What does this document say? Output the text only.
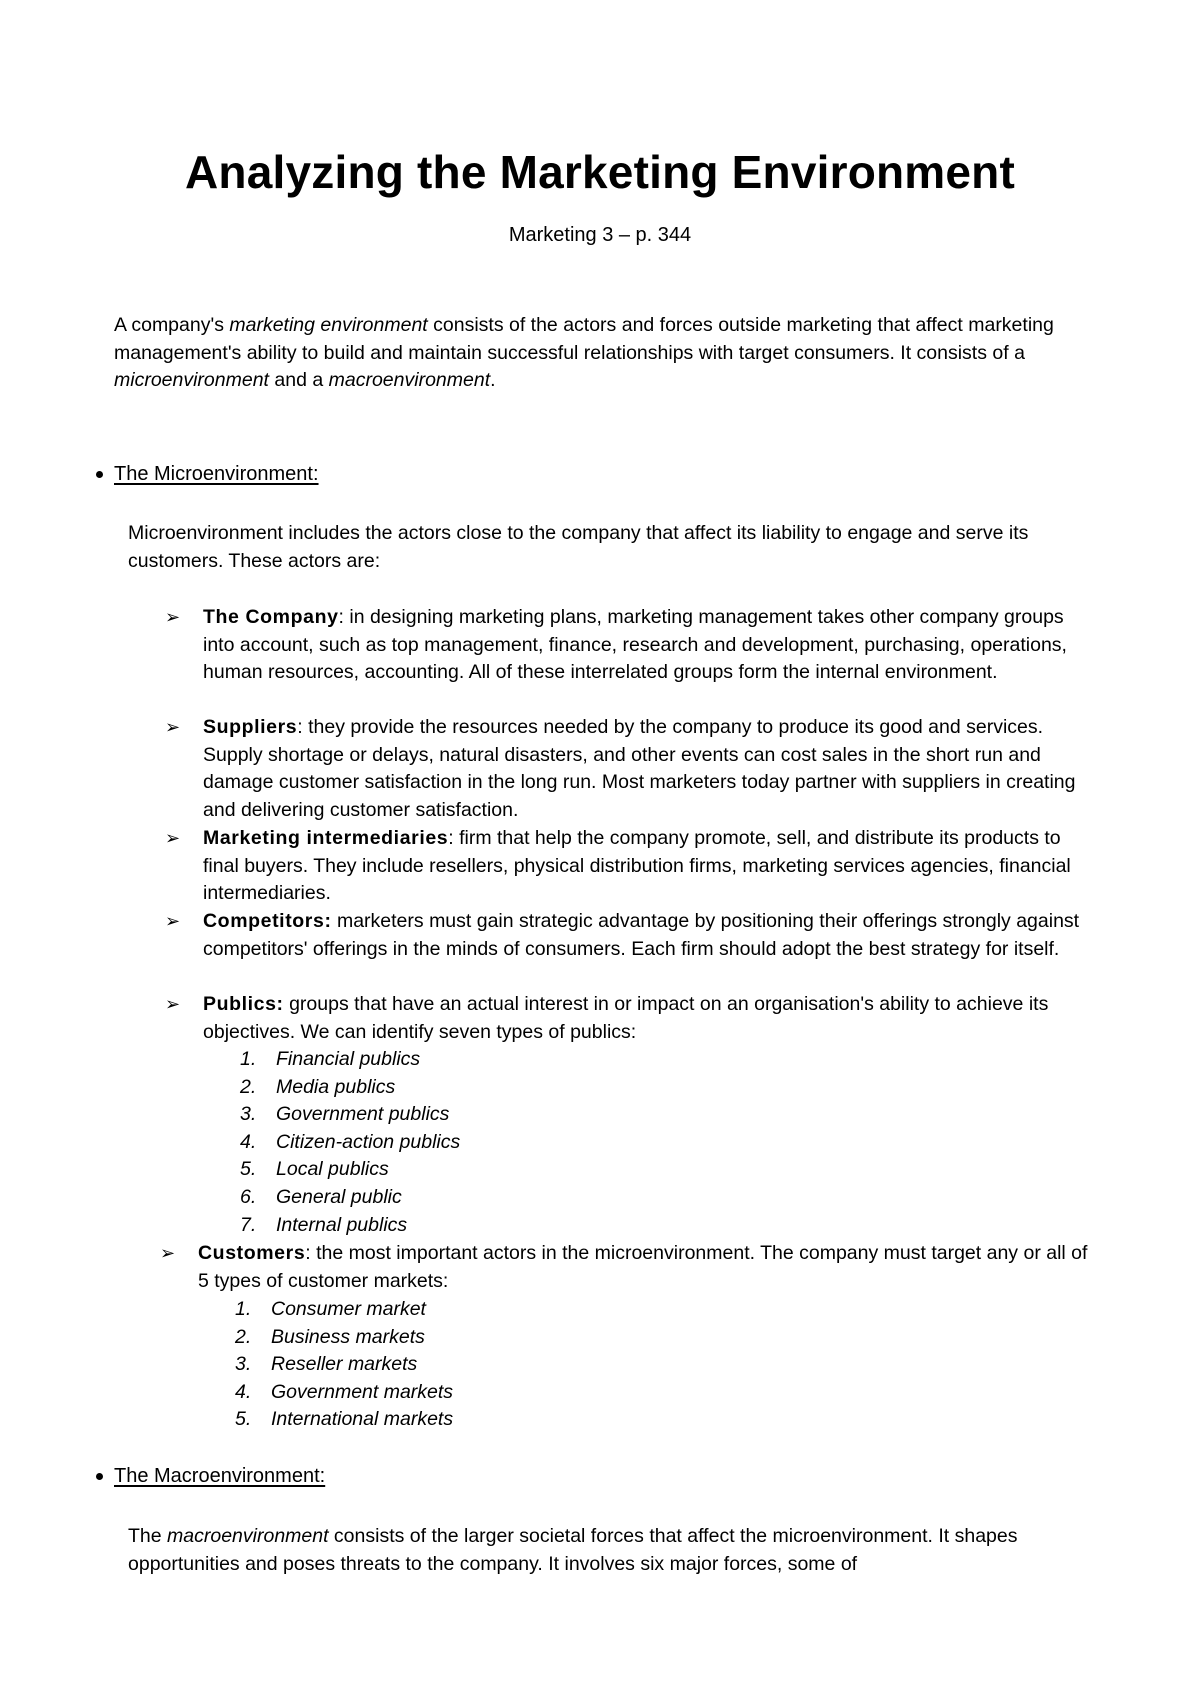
Analyzing the Marketing Environment
Marketing 3 – p. 344

A company's marketing environment consists of the actors and forces outside marketing that affect marketing management's ability to build and maintain successful relationships with target consumers. It consists of a microenvironment and a macroenvironment.

The Microenvironment:

Microenvironment includes the actors close to the company that affect its liability to engage and serve its customers. These actors are:

➢ The Company: in designing marketing plans, marketing management takes other company groups into account, such as top management, finance, research and development, purchasing, operations, human resources, accounting. All of these interrelated groups form the internal environment.

➢ Suppliers: they provide the resources needed by the company to produce its good and services. Supply shortage or delays, natural disasters, and other events can cost sales in the short run and damage customer satisfaction in the long run. Most marketers today partner with suppliers in creating and delivering customer satisfaction.

➢ Marketing intermediaries: firm that help the company promote, sell, and distribute its products to final buyers. They include resellers, physical distribution firms, marketing services agencies, financial intermediaries.

➢ Competitors: marketers must gain strategic advantage by positioning their offerings strongly against competitors' offerings in the minds of consumers. Each firm should adopt the best strategy for itself.

➢ Publics: groups that have an actual interest in or impact on an organisation's ability to achieve its objectives. We can identify seven types of publics:

1.	Financial publics
2.	Media publics
3.	Government publics
4.	Citizen-action publics
5.	Local publics
6.	General public
7.	Internal publics
➢ Customers: the most important actors in the microenvironment. The company must target any or all of 5 types of customer markets:

1.	Consumer market
2.	Business markets
3.	Reseller markets
4.	Government markets
5.	International markets
The Macroenvironment:

The macroenvironment consists of the larger societal forces that affect the microenvironment. It shapes opportunities and poses threats to the company. It involves six major forces, some of
